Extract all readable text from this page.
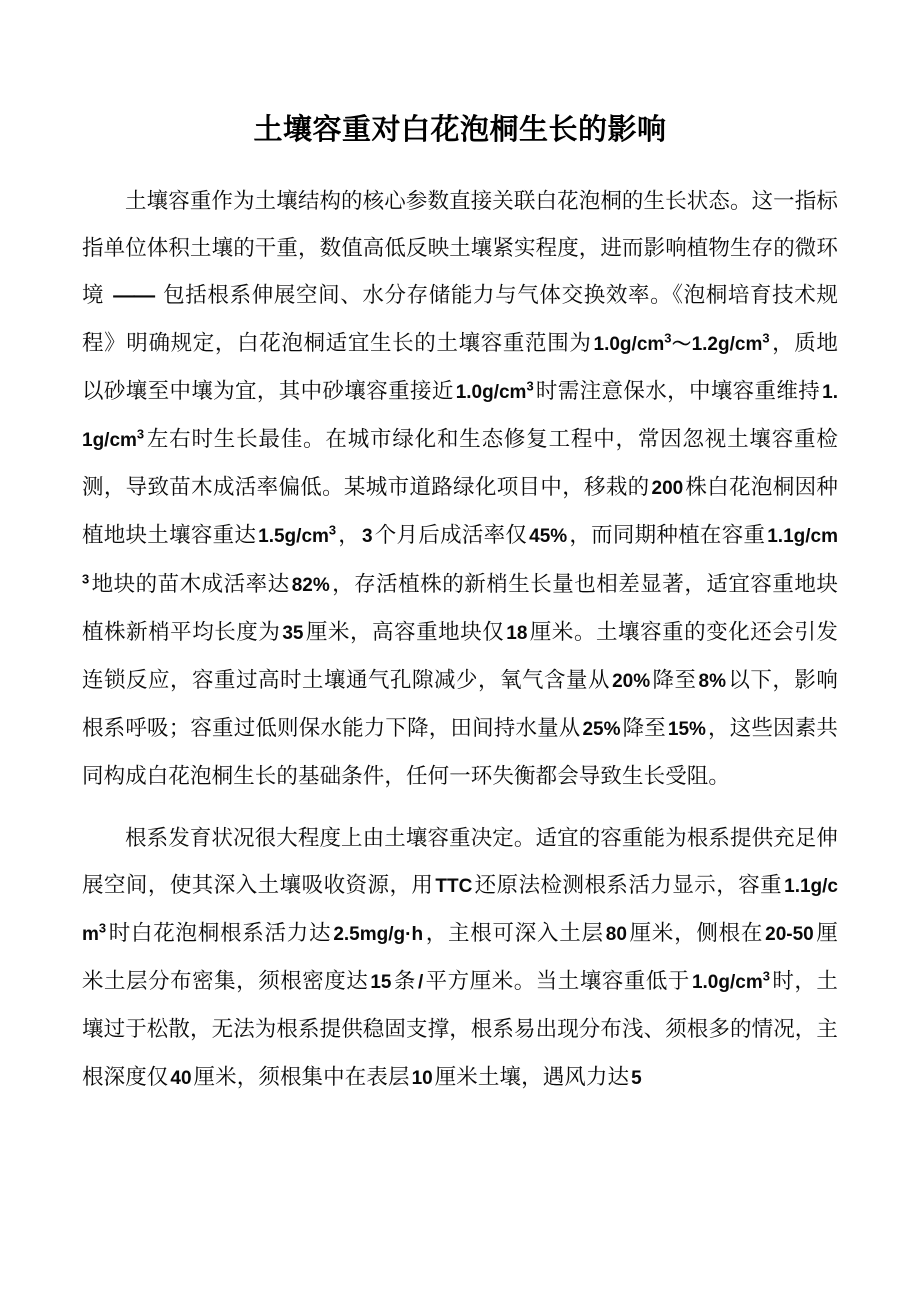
土壤容重对白花泡桐生长的影响

土壤容重作为土壤结构的核心参数直接关联白花泡桐的生长状态。这一指标指单位体积土壤的干重，数值高低反映土壤紧实程度，进而影响植物生存的微环境 —— 包括根系伸展空间、水分存储能力与气体交换效率。《泡桐培育技术规程》明确规定，白花泡桐适宜生长的土壤容重范围为 $1.0g/cm^3\sim 1.2g/cm^3$，质地以砂壤至中壤为宜，其中砂壤容重接近 $1.0g/cm^3$时需注意保水，中壤容重维持 $1.1g/cm^3$左右时生长最佳。在城市绿化和生态修复工程中，常因忽视土壤容重检测，导致苗木成活率偏低。某城市道路绿化项目中，移栽的 200株白花泡桐因种植地块土壤容重达 $1.5g/cm^3$， 3个月后成活率仅 45%，而同期种植在容重 $1.1g/cm^3$地块的苗木成活率达 82%，存活植株的新梢生长量也相差显著，适宜容重地块植株新梢平均长度为 35厘米，高容重地块仅 18厘米。土壤容重的变化还会引发连锁反应，容重过高时土壤通气孔隙减少，氧气含量从 20%降至 8%以下，影响根系呼吸；容重过低则保水能力下降，田间持水量从 25%降至 15%，这些因素共同构成白花泡桐生长的基础条件，任何一环失衡都会导致生长受阻。

根系发育状况很大程度上由土壤容重决定。适宜的容重能为根系提供充足伸展空间，使其深入土壤吸收资源，用 TTC还原法检测根系活力显示，容重 $1.1g/cm^3$时白花泡桐根系活力达 2.5mg/g·h，主根可深入土层 80厘米，侧根在 20-50厘米土层分布密集，须根密度达 15条 /平方厘米。当土壤容重低于 $1.0g/cm^3$时，土壤过于松散，无法为根系提供稳固支撑，根系易出现分布浅、须根多的情况，主根深度仅 40厘米，须根集中在表层 10厘米土壤，遇风力达 5
